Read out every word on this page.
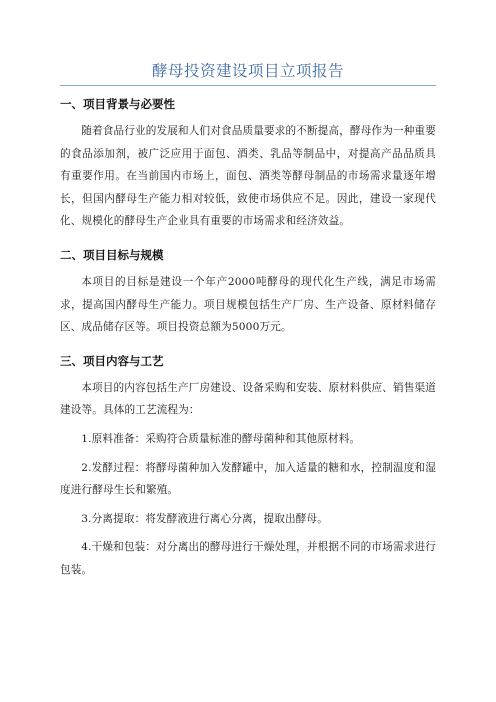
酵母投资建设项目立项报告
一、项目背景与必要性

随着食品行业的发展和人们对食品质量要求的不断提高，酵母作为一种重要的食品添加剂，被广泛应用于面包、酒类、乳品等制品中，对提高产品品质具有重要作用。在当前国内市场上，面包、酒类等酵母制品的市场需求量逐年增长，但国内酵母生产能力相对较低，致使市场供应不足。因此，建设一家现代化、规模化的酵母生产企业具有重要的市场需求和经济效益。

二、项目目标与规模

本项目的目标是建设一个年产2000吨酵母的现代化生产线，满足市场需求，提高国内酵母生产能力。项目规模包括生产厂房、生产设备、原材料储存区、成品储存区等。项目投资总额为5000万元。

三、项目内容与工艺

本项目的内容包括生产厂房建设、设备采购和安装、原材料供应、销售渠道建设等。具体的工艺流程为：

1.原料准备：采购符合质量标准的酵母菌种和其他原材料。

2.发酵过程：将酵母菌种加入发酵罐中，加入适量的糖和水，控制温度和湿度进行酵母生长和繁殖。

3.分离提取：将发酵液进行离心分离，提取出酵母。

4.干燥和包装：对分离出的酵母进行干燥处理，并根据不同的市场需求进行包装。
